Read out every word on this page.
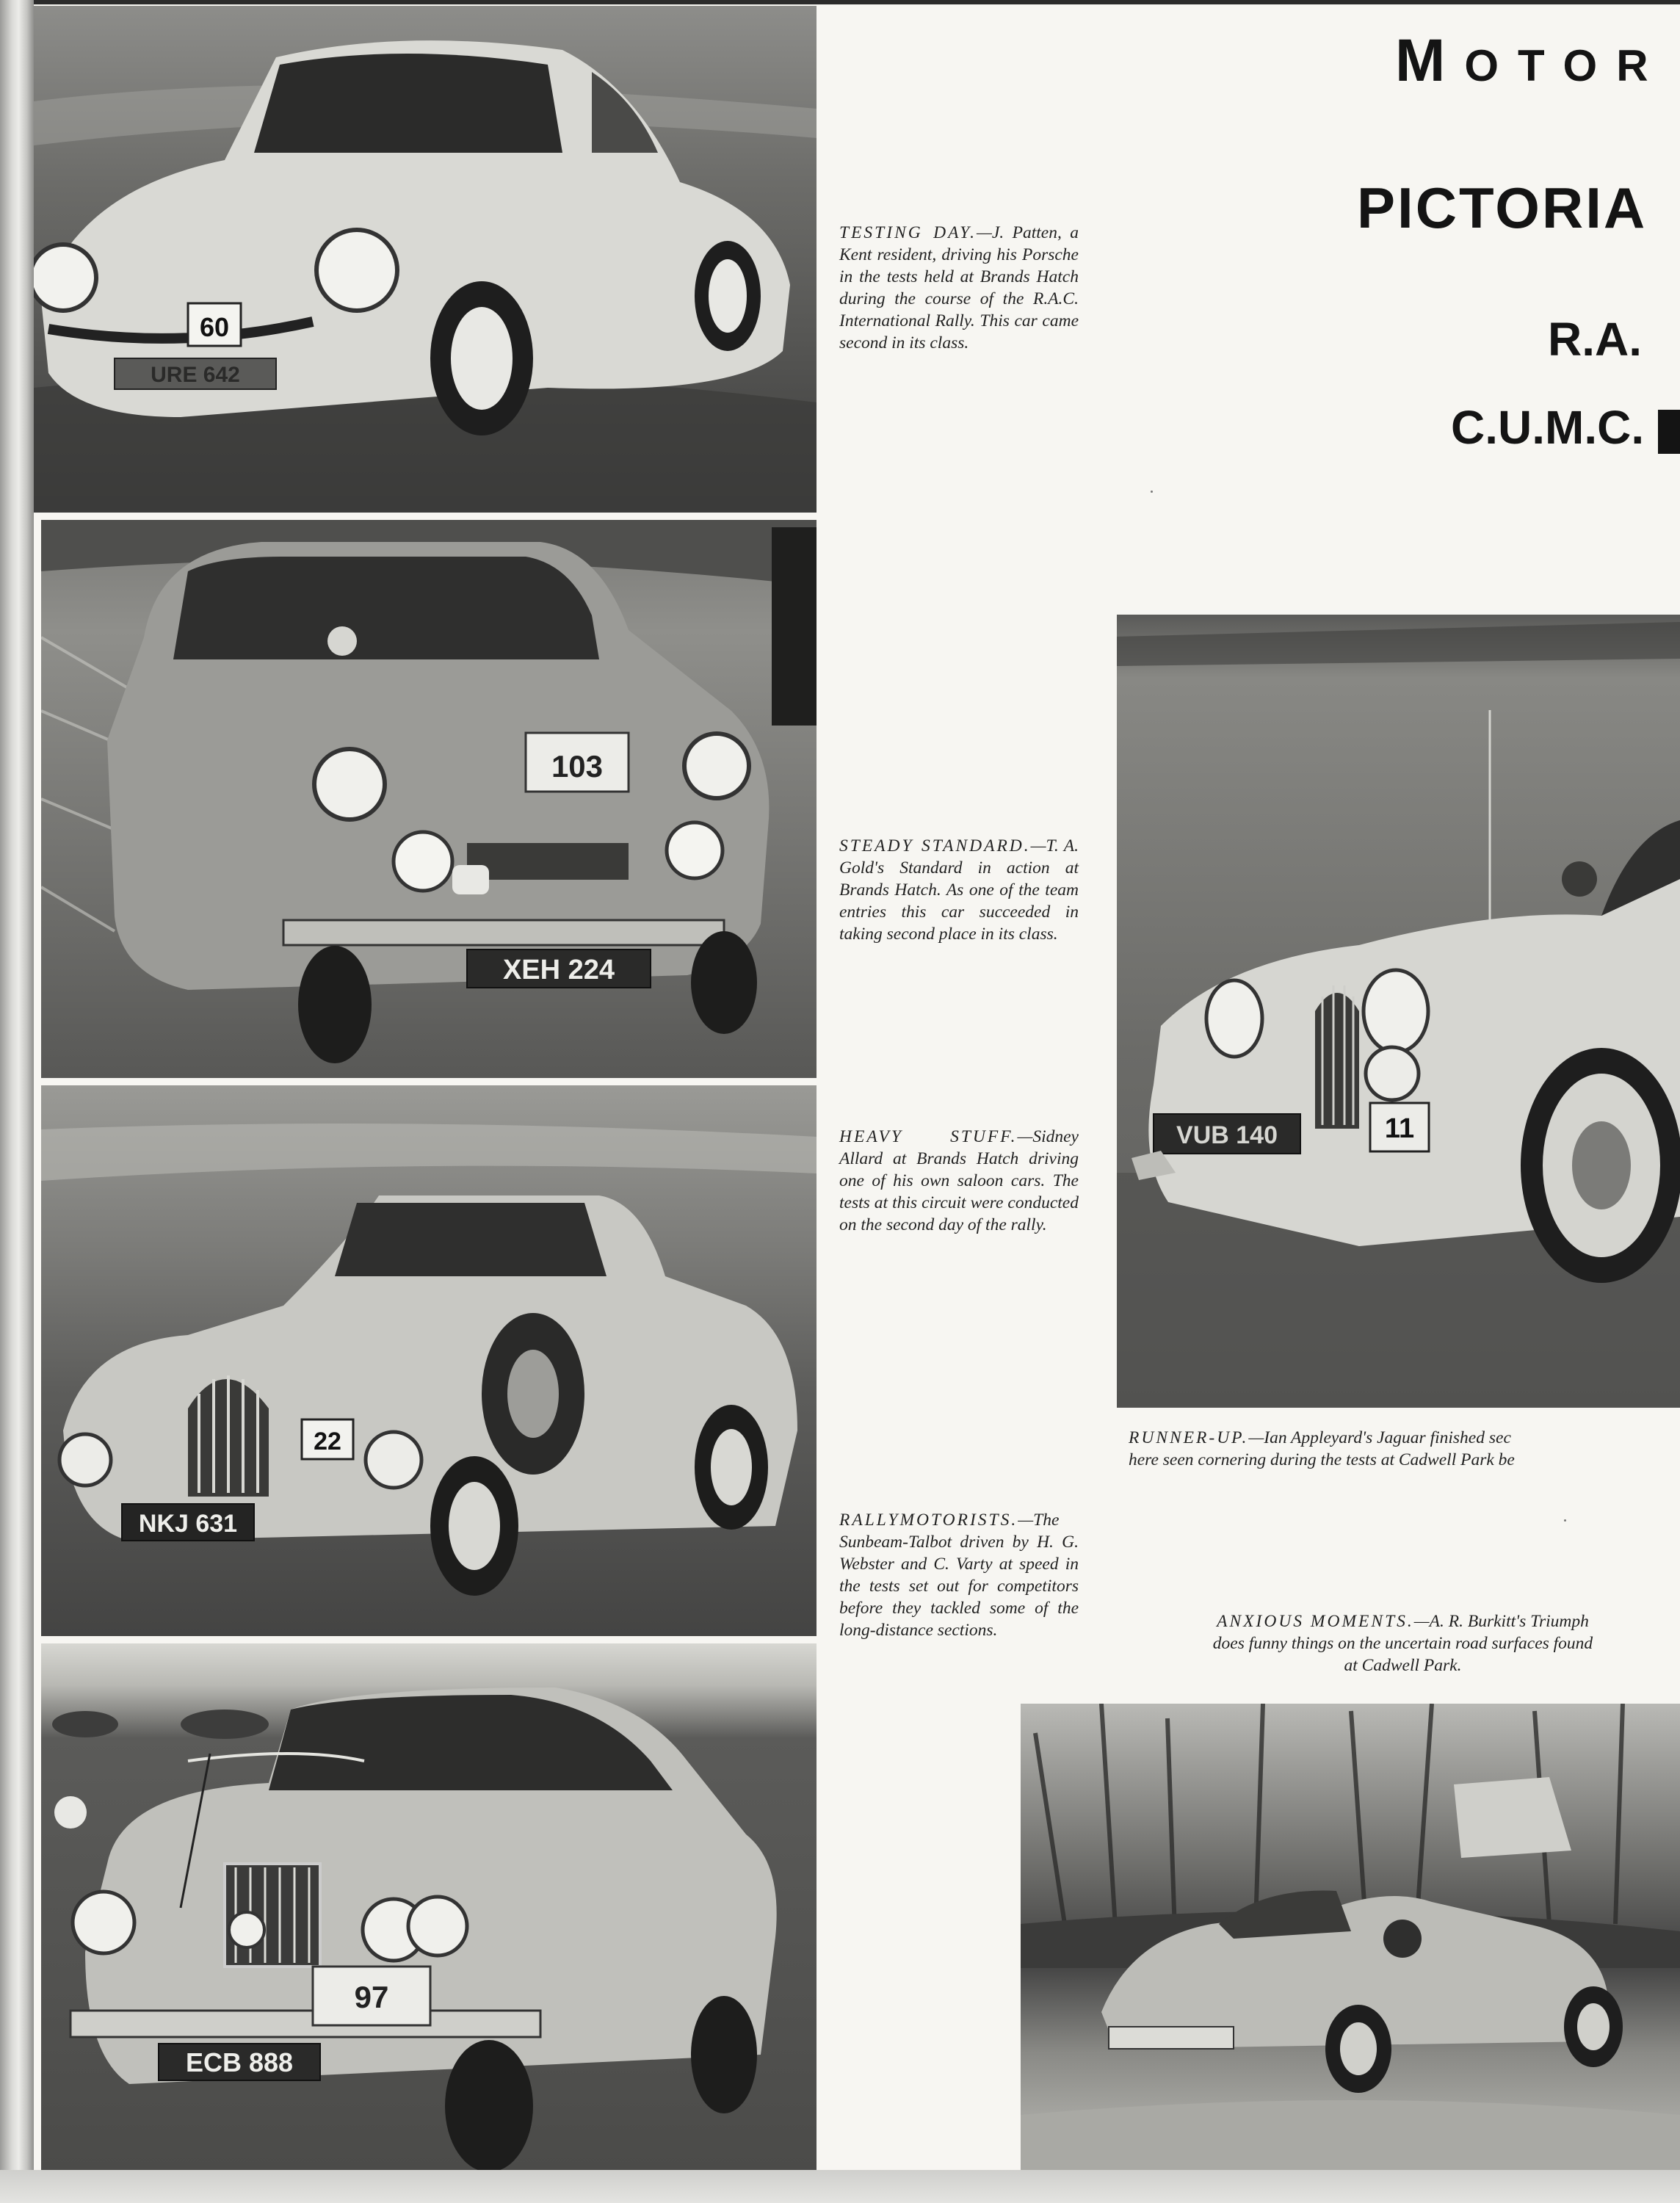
MOTOR
PICTORIA
R.A.
C.U.M.C.
60
URE 642
103
XEH 224
22
NKJ 631
97
ECB 888
VUB 140	11
TESTING DAY.—J. Patten, a Kent resident, driving his Porsche in the tests held at Brands Hatch during the course of the R.A.C. International Rally. This car came second in its class.
STEADY STANDARD.—T. A. Gold's Standard in action at Brands Hatch. As one of the team entries this car succeeded in taking second place in its class.
HEAVY STUFF.—Sidney Allard at Brands Hatch driving one of his own saloon cars. The tests at this circuit were conducted on the second day of the rally.
RALLYMOTORISTS.—The Sunbeam-Talbot driven by H. G. Webster and C. Varty at speed in the tests set out for competitors before they tackled some of the long-distance sections.
RUNNER-UP.—Ian Appleyard's Jaguar finished sec
here seen cornering during the tests at Cadwell Park be
ANXIOUS MOMENTS.—A. R. Burkitt's Triumph
does funny things on the uncertain road surfaces found
at Cadwell Park.
